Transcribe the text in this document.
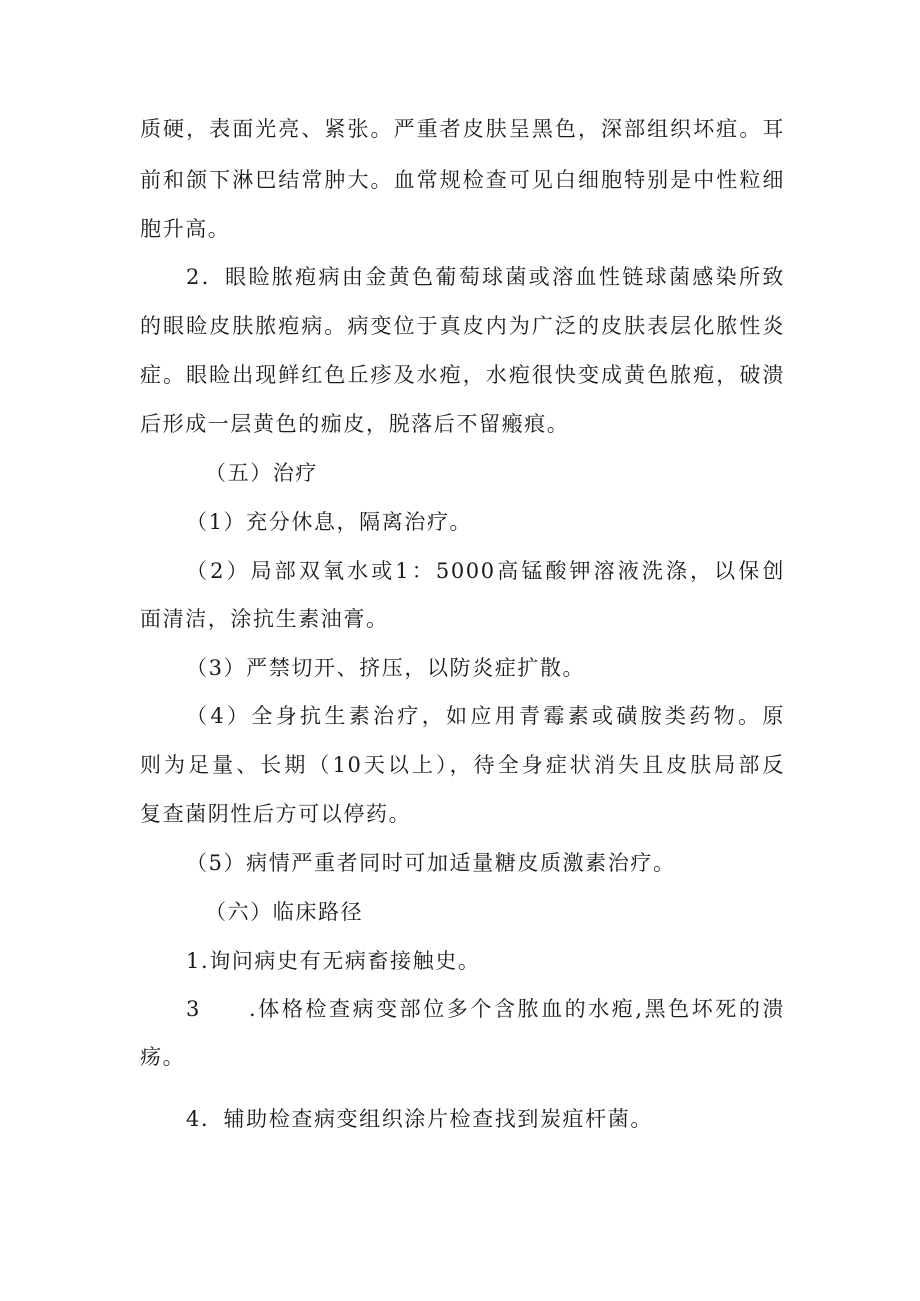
质硬，表面光亮、紧张。严重者皮肤呈黑色，深部组织坏疽。耳
前和颌下淋巴结常肿大。血常规检查可见白细胞特别是中性粒细
胞升高。
2．眼睑脓疱病由金黄色葡萄球菌或溶血性链球菌感染所致
的眼睑皮肤脓疱病。病变位于真皮内为广泛的皮肤表层化脓性炎
症。眼睑出现鲜红色丘疹及水疱，水疱很快变成黄色脓疱，破溃
后形成一层黄色的痂皮，脱落后不留瘢痕。
（五）治疗
（1）充分休息，隔离治疗。
（2）局部双氧水或1：5000高锰酸钾溶液洗涤，以保创
面清洁，涂抗生素油膏。
（3）严禁切开、挤压，以防炎症扩散。
（4）全身抗生素治疗，如应用青霉素或磺胺类药物。原
则为足量、长期（10天以上），待全身症状消失且皮肤局部反
复查菌阴性后方可以停药。
（5）病情严重者同时可加适量糖皮质激素治疗。
（六）临床路径
1.询问病史有无病畜接触史。
3　　.体格检查病变部位多个含脓血的水疱,黑色坏死的溃
疡。
4．辅助检查病变组织涂片检查找到炭疽杆菌。
